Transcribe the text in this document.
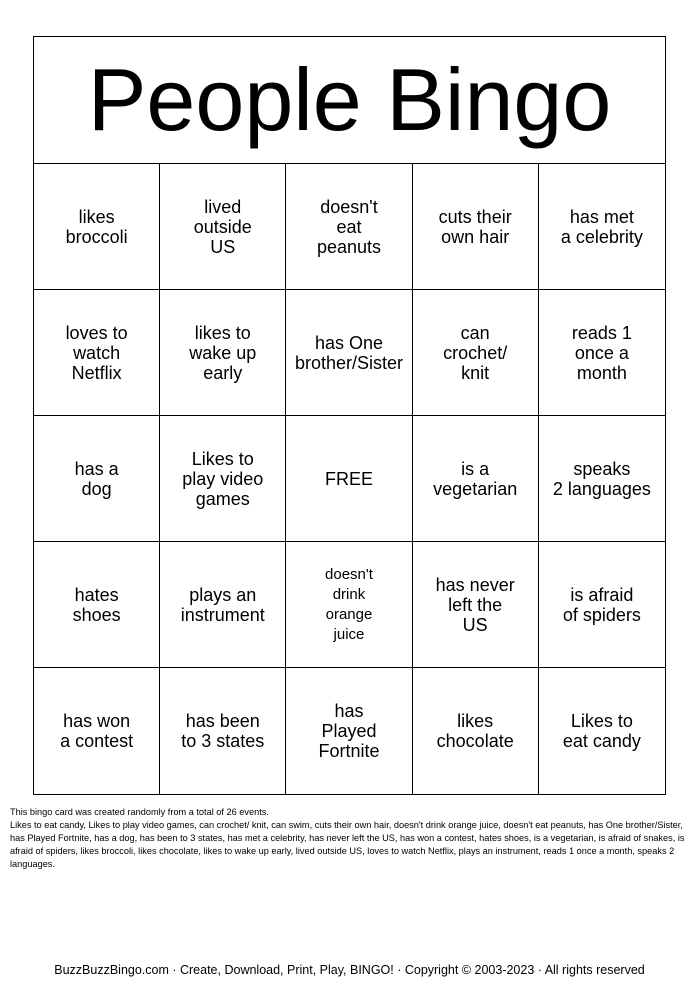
People Bingo
likes
broccoli
lived
outside
US
doesn't
eat
peanuts
cuts their
own hair
has met
a celebrity
loves to
watch
Netflix
likes to
wake up
early
has One
brother/Sister
can
crochet/
knit
reads 1
once a
month
has a
dog
Likes to
play video
games
FREE	is a
vegetarian
speaks
2 languages
hates
shoes
plays an
instrument
doesn't
drink
orange
juice
has never
left the
US
is afraid
of spiders
has won
a contest
has been
to 3 states
has
Played
Fortnite
likes
chocolate
Likes to
eat candy

This bingo card was created randomly from a total of 26 events.

Likes to eat candy, Likes to play video games, can crochet/ knit, can swim, cuts their own hair, doesn't drink orange juice, doesn't eat peanuts, has One brother/Sister, has Played Fortnite, has a dog, has been to 3 states, has met a celebrity, has never left the US, has won a contest, hates shoes, is a vegetarian, is afraid of snakes, is afraid of spiders, likes broccoli, likes chocolate, likes to wake up early, lived outside US, loves to watch Netflix, plays an instrument, reads 1 once a month, speaks 2 languages.

BuzzBuzzBingo.com · Create, Download, Print, Play, BINGO! · Copyright © 2003-2023 · All rights reserved
